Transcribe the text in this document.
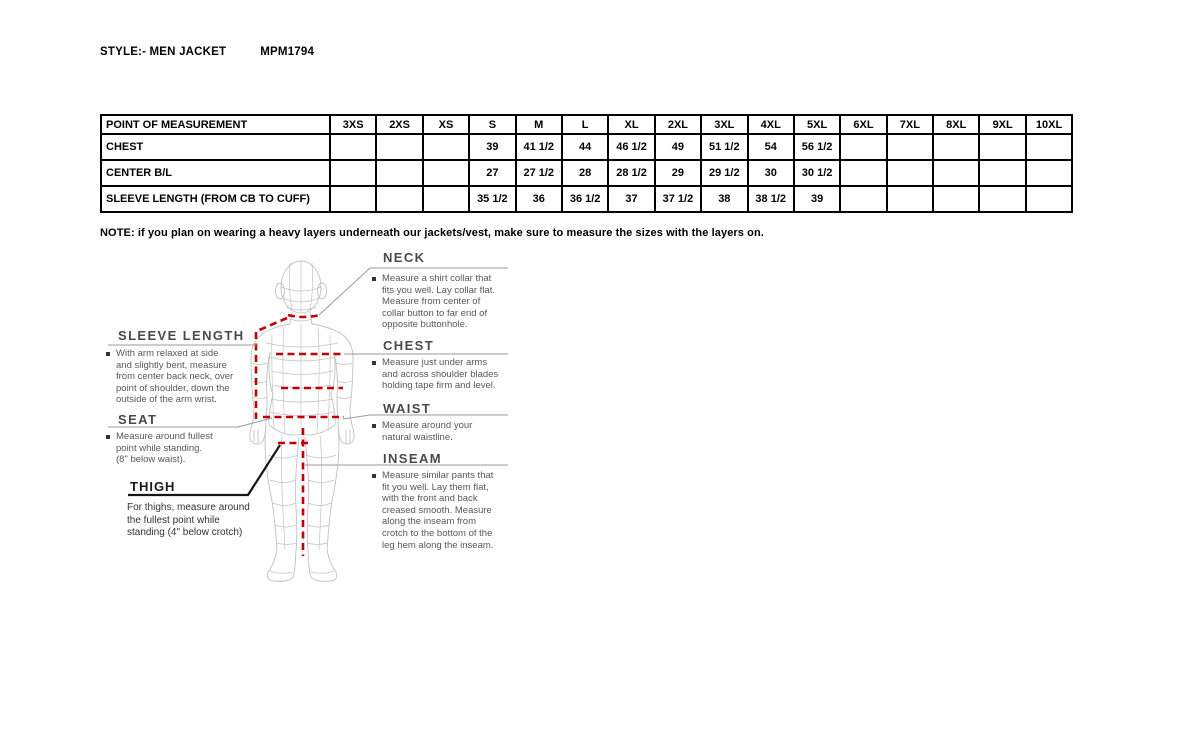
STYLE:- MEN JACKET	MPM1794
POINT OF MEASUREMENT	3XS	2XS	XS	S	M	L	XL	2XL	3XL	4XL	5XL	6XL	7XL	8XL	9XL	10XL
CHEST				39	41 1/2	44	46 1/2	49	51 1/2	54	56 1/2					
CENTER B/L				27	27 1/2	28	28 1/2	29	29 1/2	30	30 1/2					
SLEEVE LENGTH (FROM CB TO CUFF)				35 1/2	36	36 1/2	37	37 1/2	38	38 1/2	39					
NOTE: if you plan on wearing a heavy layers underneath our jackets/vest, make sure to measure the sizes with the layers on.
NECK
Measure a shirt collar that
fits you well. Lay collar flat.
Measure from center of
collar button to far end of
opposite buttonhole.
CHEST
Measure just under arms
and across shoulder blades
holding tape firm and level.
WAIST
Measure around your
natural waistline.
INSEAM
Measure similar pants that
fit you well. Lay them flat,
with the front and back
creased smooth. Measure
along the inseam from
crotch to the bottom of the
leg hem along the inseam.
SLEEVE LENGTH
With arm relaxed at side
and slightly bent, measure
from center back neck, over
point of shoulder, down the
outside of the arm wrist.
SEAT
Measure around fullest
point while standing.
(8" below waist).
THIGH
For thighs, measure around
the fullest point while
standing (4" below crotch)
